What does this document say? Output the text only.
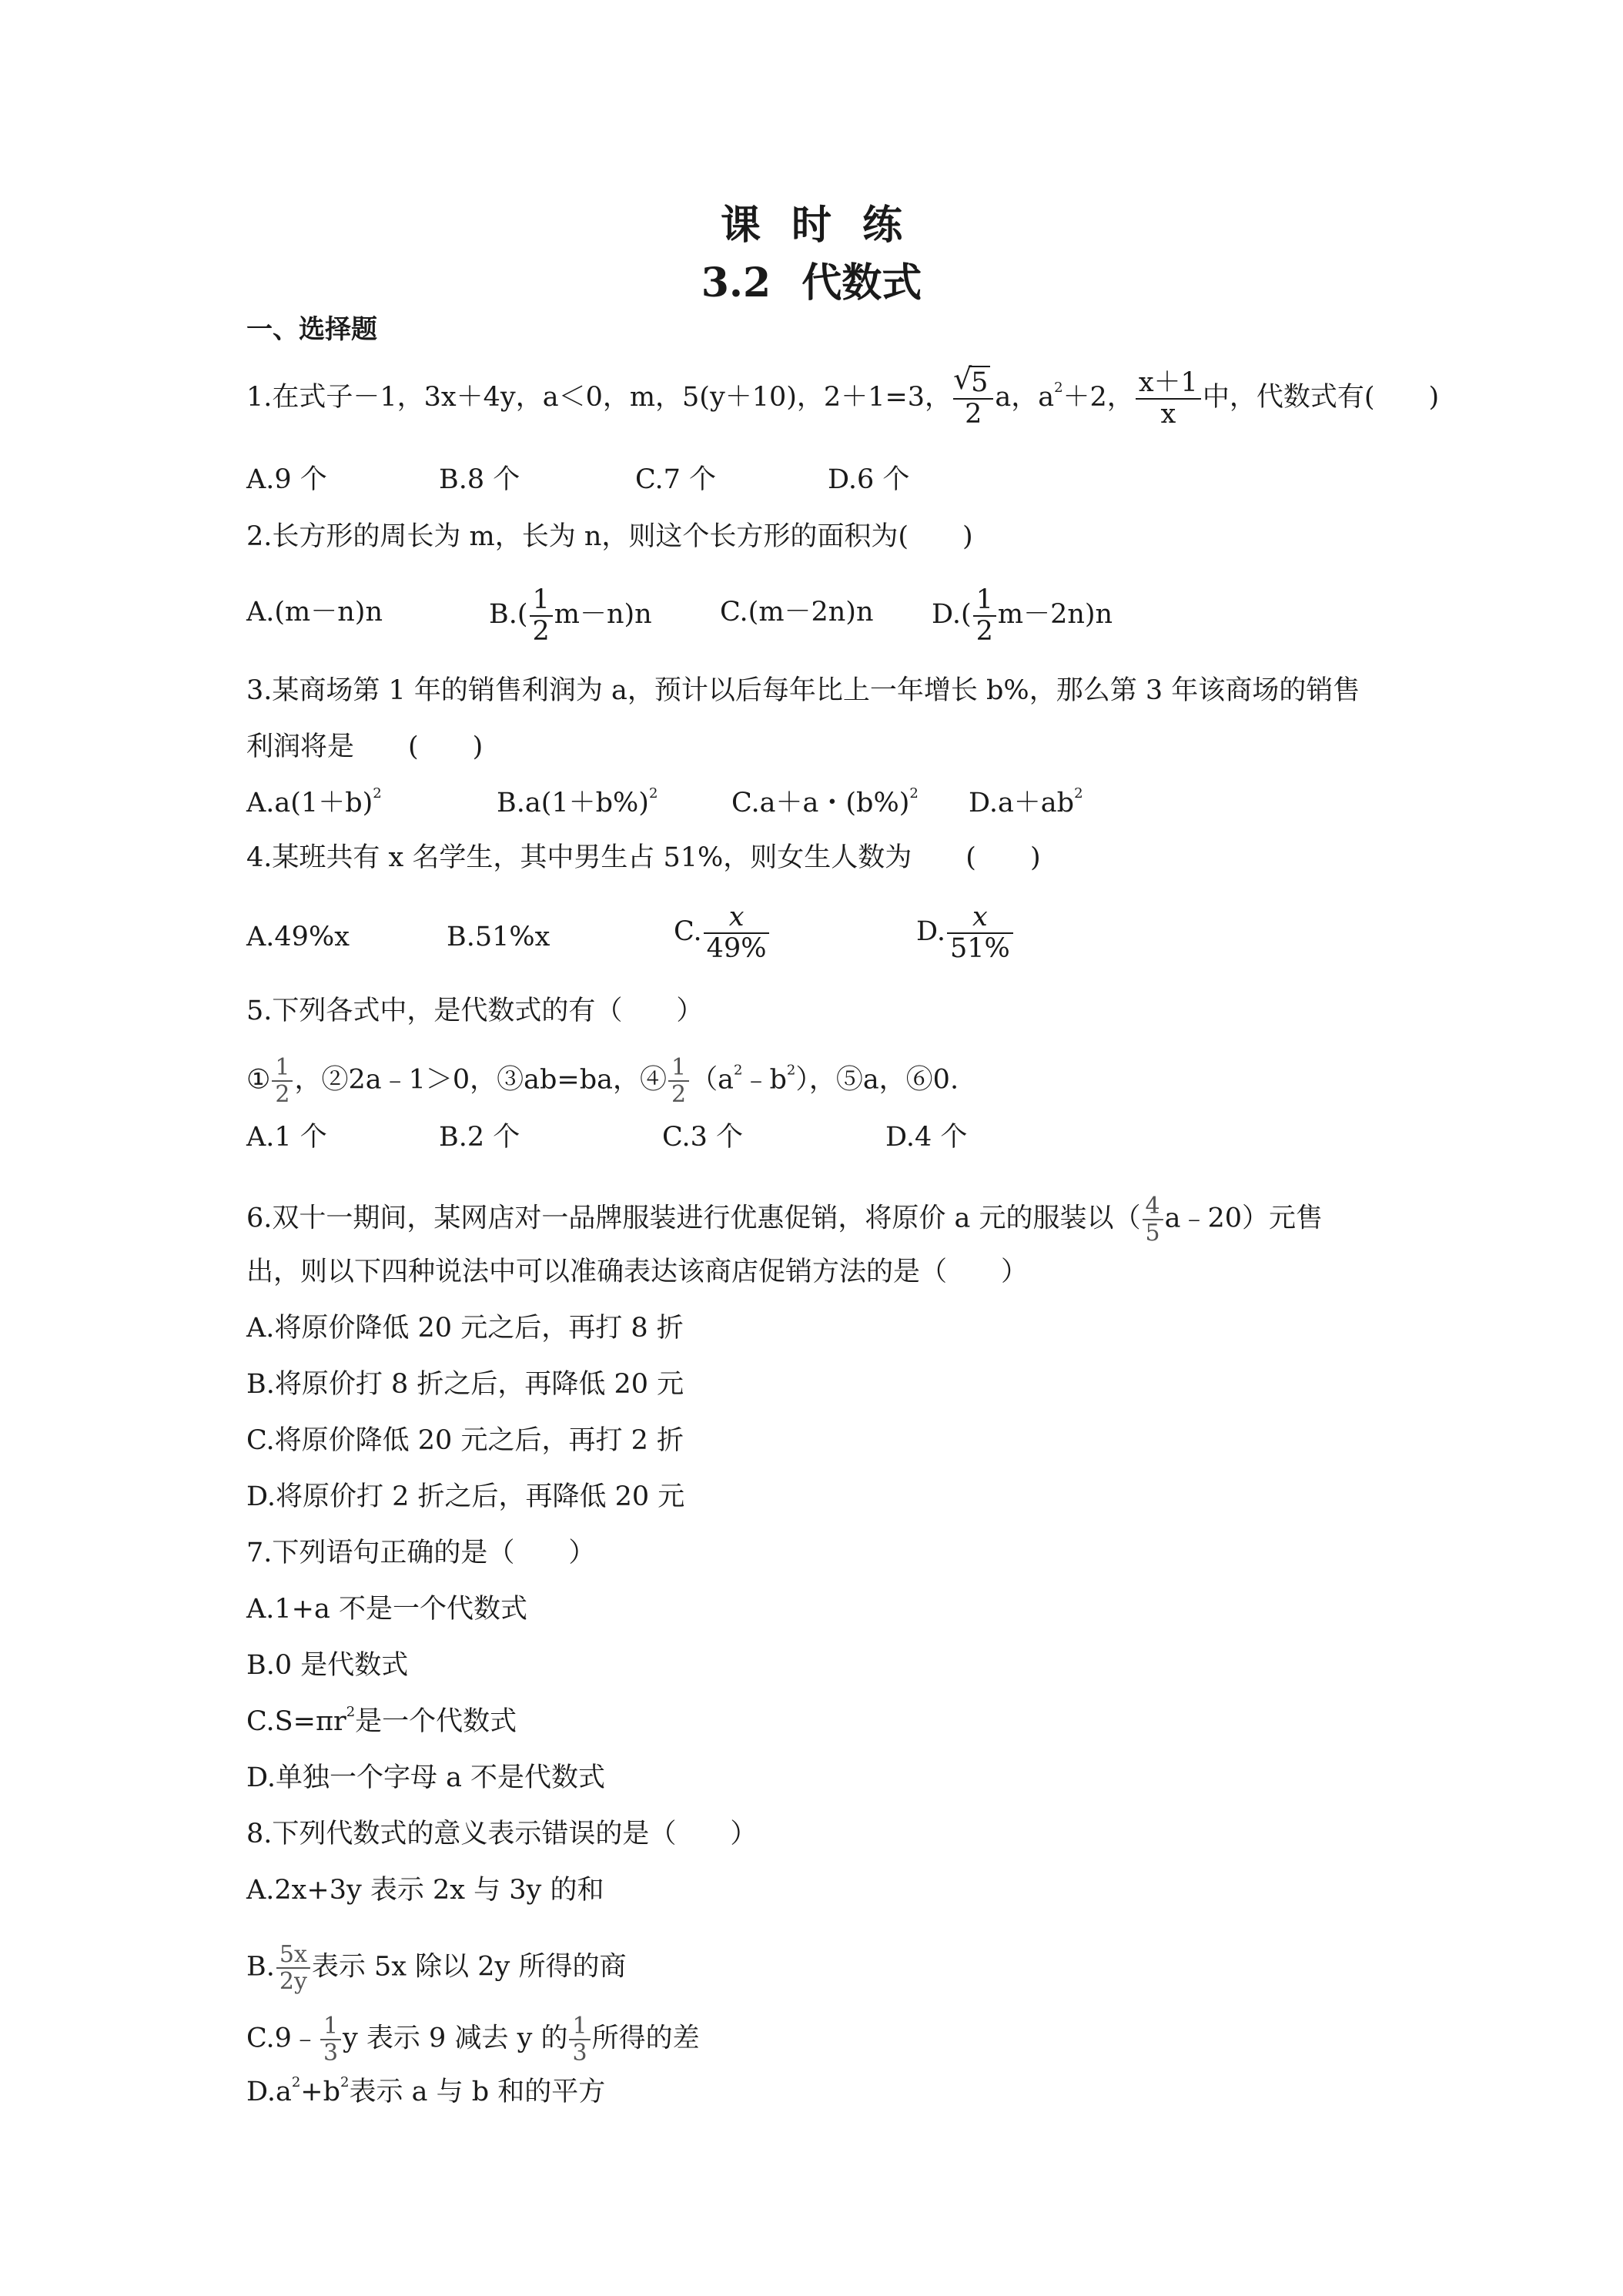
课时练
3.2 代数式
一、选择题
1.在式子－1，3x＋4y，a＜0，m，5(y＋10)，2＋1=3，
√ $\frac{5}{2}$ a，$a^2+2$， $\frac{x+1}{x}$ 中，代数式有(　　)
A.9 个	B.8 个	C.7 个	D.6 个
2.长方形的周长为 m，长为 n，则这个长方形的面积为(　　)
A.(m－n)n	$B.( \frac{1}{2} m-n)n$	C.(m－2n)n $D.( \frac{1}{2} m-2n)n$
3.某商场第 1 年的销售利润为 a，预计以后每年比上一年增长 b%，那么第 3 年该商场的销售
利润将是　　(　　)
$A.a(1+b)^2$	$B.a(1+b\%)^2$	C.a＋a・$(b\%)^2$ $D.a+ab^2$
4.某班共有 x 名学生，其中男生占 51%，则女生人数为　　(　　)
A.49%x	B.51%x	C. $\frac{x}{49\%}$	D. $\frac{x}{51\%}$
5.下列各式中，是代数式的有（　　）
① $\frac{1}{2}$ ，②2a﹣1＞0，③ab=ba，④ $\frac{1}{2}$ $(a^2﹣b^2)$，⑤a，⑥0.
A.1 个	B.2 个	C.3 个	D.4 个
6.双十一期间，某网店对一品牌服装进行优惠促销，将原价 a 元的服装以（ $\frac{4}{5}$ a﹣20）元售
出，则以下四种说法中可以准确表达该商店促销方法的是（　　）
A.将原价降低 20 元之后，再打 8 折
B.将原价打 8 折之后，再降低 20 元
C.将原价降低 20 元之后，再打 2 折
D.将原价打 2 折之后，再降低 20 元
7.下列语句正确的是（　　）
A.1+a 不是一个代数式
B.0 是代数式
$C.S=\pi r^2$是一个代数式
D.单独一个字母 a 不是代数式
8.下列代数式的意义表示错误的是（　　）
A.2x+3y 表示 2x 与 3y 的和
B. $\frac{5x}{2y}$ 表示 5x 除以 2y 所得的商
C.9﹣ $\frac{1}{3}$ y 表示 9 减去 y 的 $\frac{1}{3}$ 所得的差
$D.a^2+b^2$表示 a 与 b 和的平方
